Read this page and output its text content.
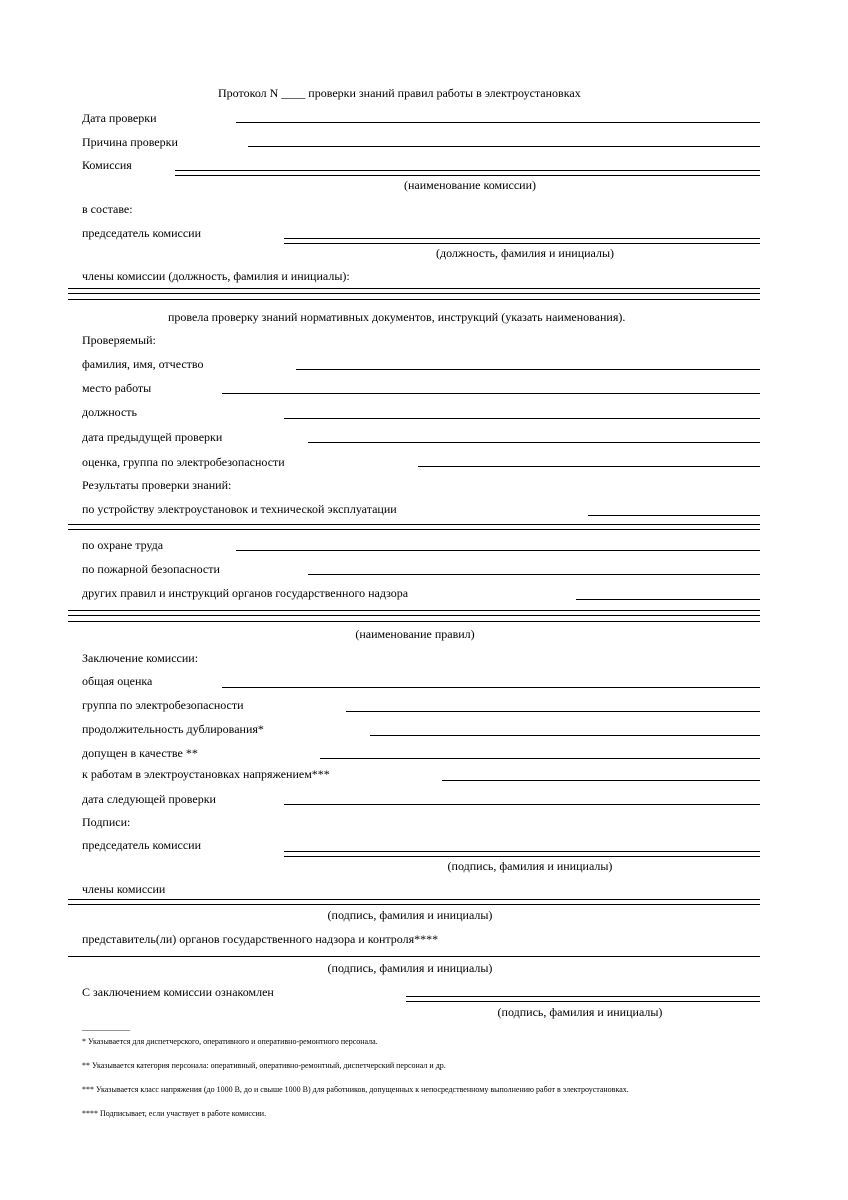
Протокол N ____ проверки знаний правил работы в электроустановках
Дата проверки
Причина проверки
Комиссия
(наименование комиссии)
в составе:
председатель комиссии
(должность, фамилия и инициалы)
члены комиссии (должность, фамилия и инициалы):
провела проверку знаний нормативных документов, инструкций (указать наименования).
Проверяемый:
фамилия, имя, отчество
место работы
должность
дата предыдущей проверки
оценка, группа по электробезопасности
Результаты проверки знаний:
по устройству электроустановок и технической эксплуатации
по охране труда
по пожарной безопасности
других правил и инструкций органов государственного надзора
(наименование правил)
Заключение комиссии:
общая оценка
группа по электробезопасности
продолжительность дублирования*
допущен в качестве **
к работам в электроустановках напряжением***
дата следующей проверки
Подписи:
председатель комиссии
(подпись, фамилия и инициалы)
члены комиссии
(подпись, фамилия и инициалы)
представитель(ли) органов государственного надзора и контроля****
(подпись, фамилия и инициалы)
С заключением комиссии ознакомлен
(подпись, фамилия и инициалы)
____________
* Указывается для диспетчерского, оперативного и оперативно-ремонтного персонала.
** Указывается категория персонала: оперативный, оперативно-ремонтный, диспетчерский персонал и др.
*** Указывается класс напряжения (до 1000 В, до и свыше 1000 В) для работников, допущенных к непосредственному выполнению работ в электроустановках.
**** Подписывает, если участвует в работе комиссии.
